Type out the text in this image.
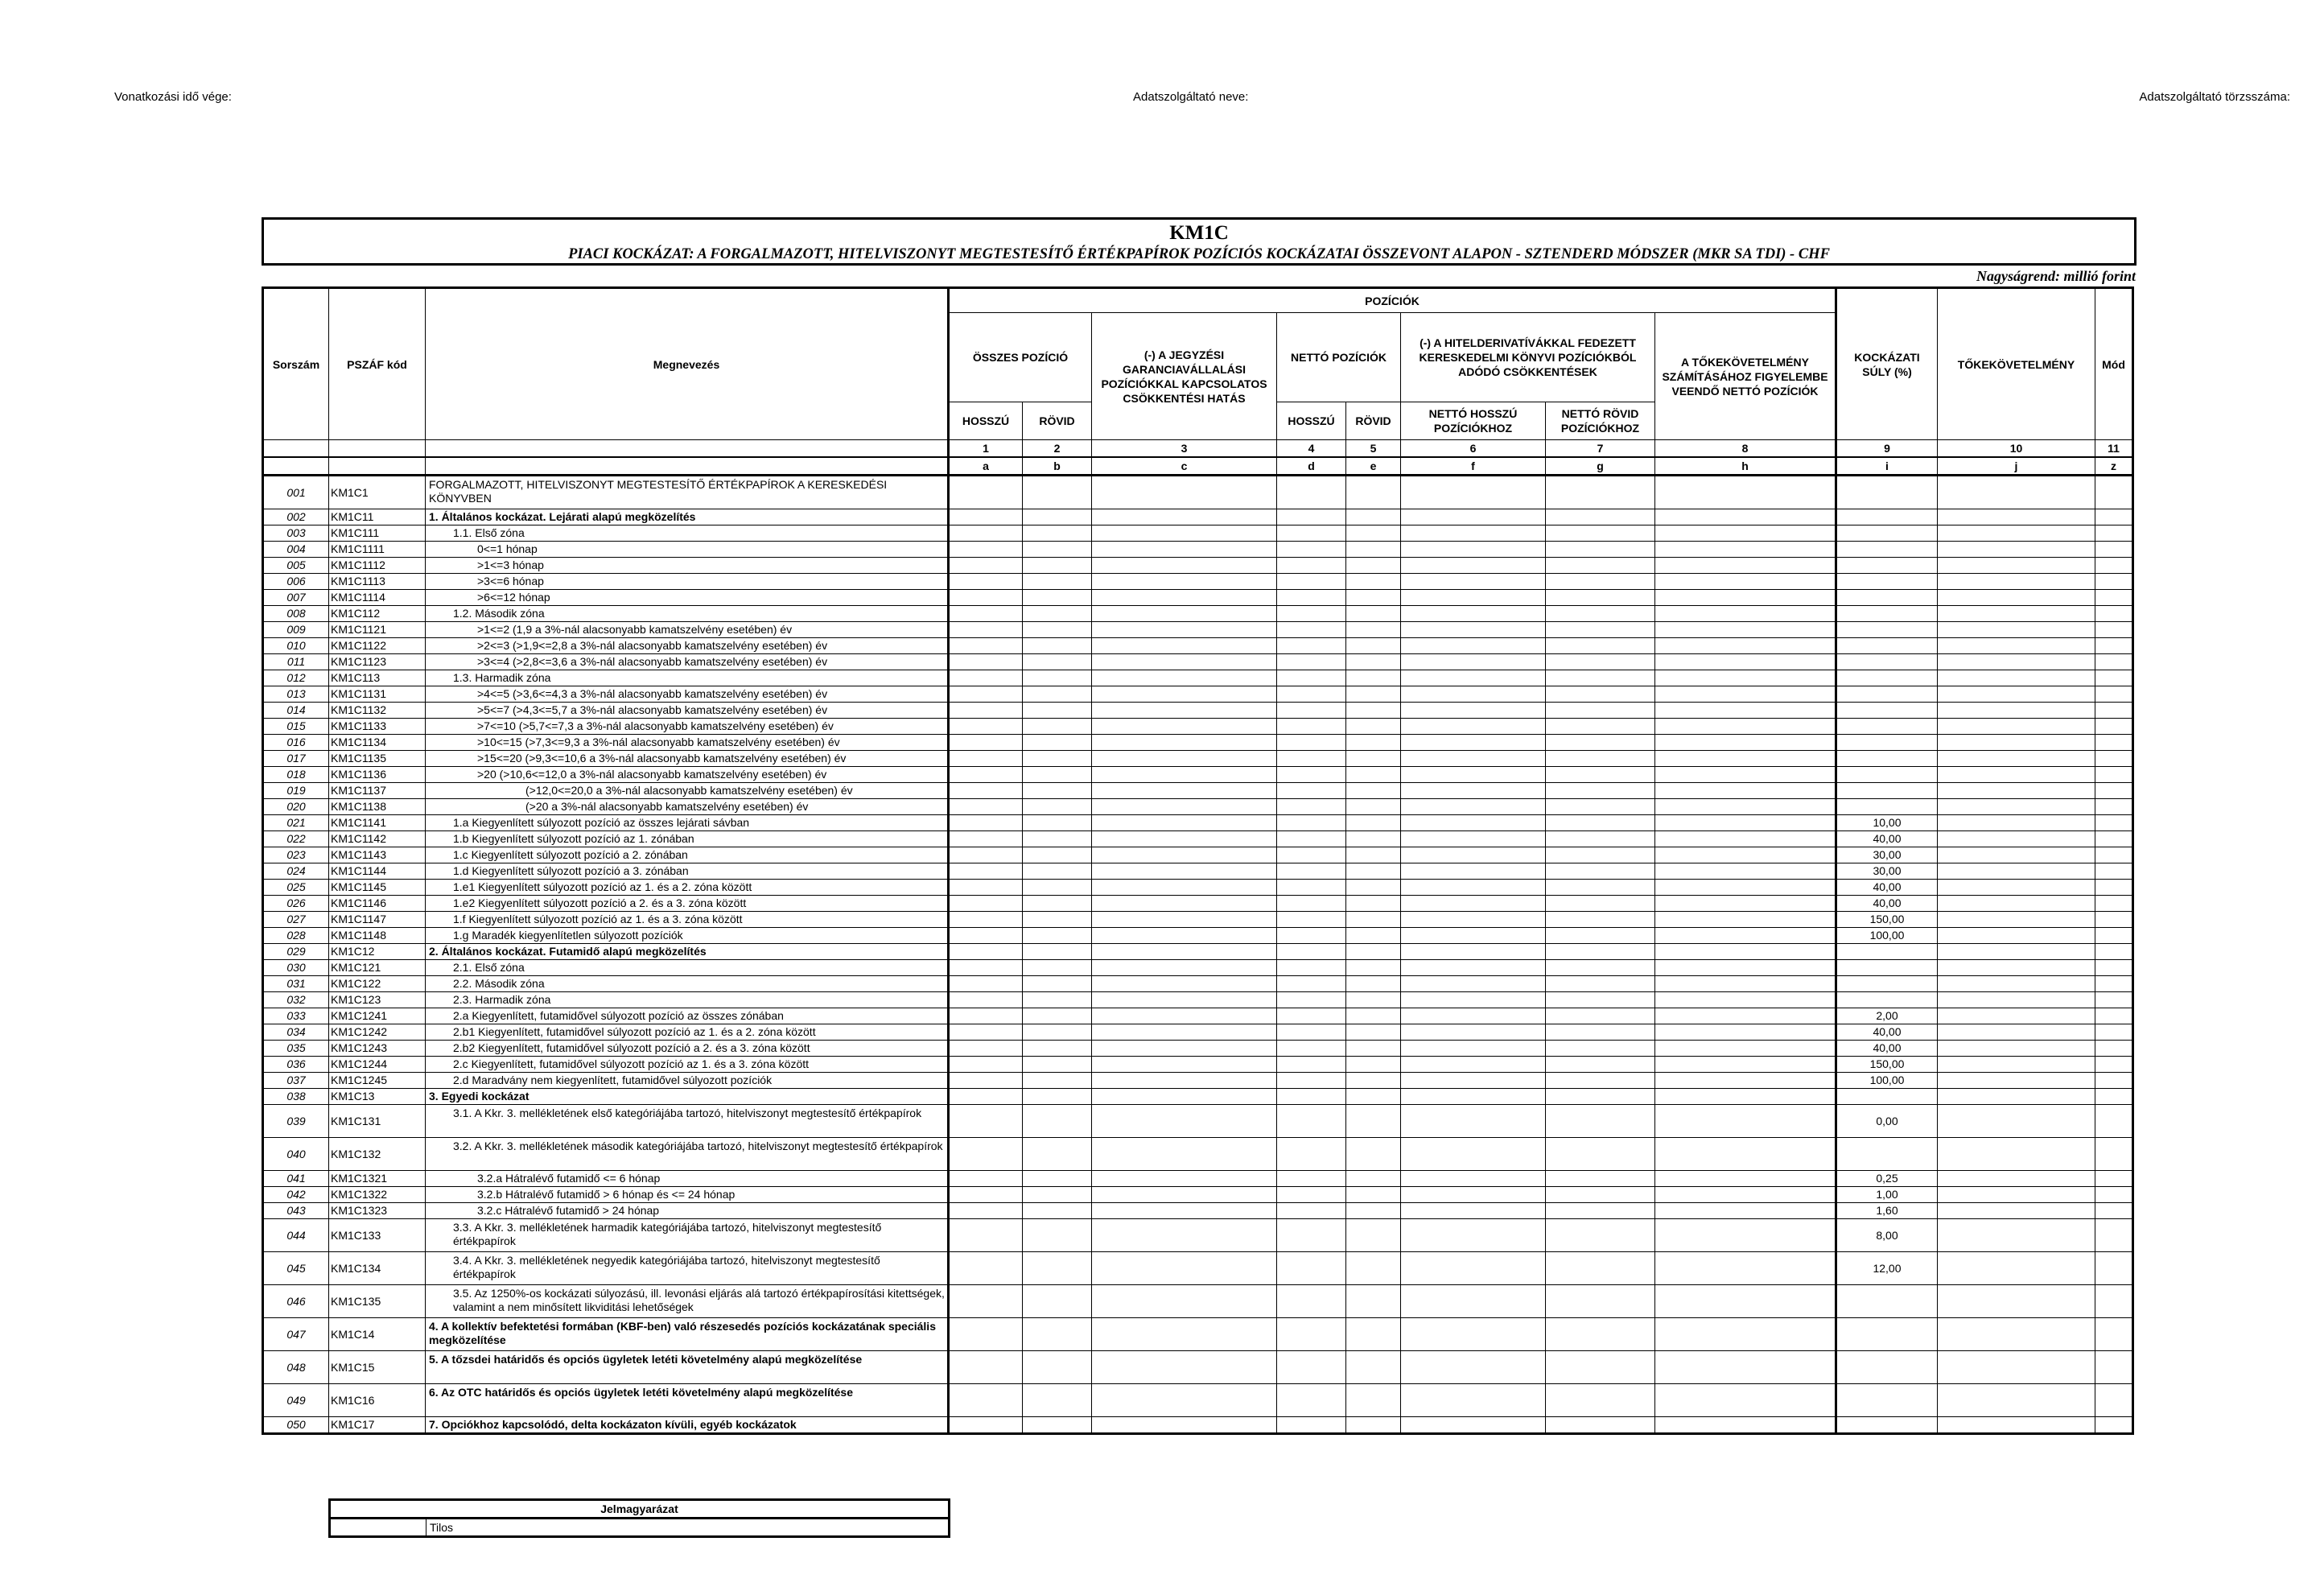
Vonatkozási idő vége:	Adatszolgáltató neve:	Adatszolgáltató törzsszáma:
KM1C
PIACI KOCKÁZAT: A FORGALMAZOTT, HITELVISZONYT MEGTESTESÍTŐ ÉRTÉKPAPÍROK POZÍCIÓS KOCKÁZATAI ÖSSZEVONT ALAPON - SZTENDERD MÓDSZER (MKR SA TDI) - CHF
Nagyságrend: millió forint
Sorszám	PSZÁF kód	Megnevezés	POZÍCIÓK								KOCKÁZATI SÚLY (%)	TŐKEKÖVETELMÉNY	Mód
			ÖSSZES POZÍCIÓ		(-) A JEGYZÉSI GARANCIAVÁLLALÁSI POZÍCIÓKKAL KAPCSOLATOS CSÖKKENTÉSI HATÁS	NETTÓ POZÍCIÓK		(-) A HITELDERIVATÍVÁKKAL FEDEZETT KERESKEDELMI KÖNYVI POZÍCIÓKBÓL ADÓDÓ CSÖKKENTÉSEK		A TŐKEKÖVETELMÉNY SZÁMÍTÁSÁHOZ FIGYELEMBE VEENDŐ NETTÓ POZÍCIÓK			
			HOSSZÚ	RÖVID		HOSSZÚ	RÖVID	NETTÓ HOSSZÚ POZÍCIÓKHOZ	NETTÓ RÖVID POZÍCIÓKHOZ				
			1	2	3	4	5	6	7	8	9	10	11
			a	b	c	d	e	f	g	h	i	j	z
001	KM1C1	FORGALMAZOTT, HITELVISZONYT MEGTESTESÍTŐ ÉRTÉKPAPÍROK A KERESKEDÉSI KÖNYVBEN											
002	KM1C11	1. Általános kockázat. Lejárati alapú megközelítés											
003	KM1C111	1.1. Első zóna											
004	KM1C1111	0<=1 hónap											
005	KM1C1112	>1<=3 hónap											
006	KM1C1113	>3<=6 hónap											
007	KM1C1114	>6<=12 hónap											
008	KM1C112	1.2. Második zóna											
009	KM1C1121	>1<=2 (1,9 a 3%-nál alacsonyabb kamatszelvény esetében) év											
010	KM1C1122	>2<=3 (>1,9<=2,8 a 3%-nál alacsonyabb kamatszelvény esetében) év											
011	KM1C1123	>3<=4 (>2,8<=3,6 a 3%-nál alacsonyabb kamatszelvény esetében) év											
012	KM1C113	1.3. Harmadik zóna											
013	KM1C1131	>4<=5 (>3,6<=4,3 a 3%-nál alacsonyabb kamatszelvény esetében) év											
014	KM1C1132	>5<=7 (>4,3<=5,7 a 3%-nál alacsonyabb kamatszelvény esetében) év											
015	KM1C1133	>7<=10 (>5,7<=7,3 a 3%-nál alacsonyabb kamatszelvény esetében) év											
016	KM1C1134	>10<=15 (>7,3<=9,3 a 3%-nál alacsonyabb kamatszelvény esetében) év											
017	KM1C1135	>15<=20 (>9,3<=10,6 a 3%-nál alacsonyabb kamatszelvény esetében) év											
018	KM1C1136	>20 (>10,6<=12,0 a 3%-nál alacsonyabb kamatszelvény esetében) év											
019	KM1C1137	(>12,0<=20,0 a 3%-nál alacsonyabb kamatszelvény esetében) év											
020	KM1C1138	(>20 a 3%-nál alacsonyabb kamatszelvény esetében) év											
021	KM1C1141	1.a Kiegyenlített súlyozott pozíció az összes lejárati sávban									10,00		
022	KM1C1142	1.b Kiegyenlített súlyozott pozíció az 1. zónában									40,00		
023	KM1C1143	1.c Kiegyenlített súlyozott pozíció a 2. zónában									30,00		
024	KM1C1144	1.d Kiegyenlített súlyozott pozíció a 3. zónában									30,00		
025	KM1C1145	1.e1 Kiegyenlített súlyozott pozíció az 1. és a 2. zóna között									40,00		
026	KM1C1146	1.e2 Kiegyenlített súlyozott pozíció a 2. és a 3. zóna között									40,00		
027	KM1C1147	1.f Kiegyenlített súlyozott pozíció az 1. és a 3. zóna között									150,00		
028	KM1C1148	1.g Maradék kiegyenlítetlen súlyozott pozíciók									100,00		
029	KM1C12	2. Általános kockázat. Futamidő alapú megközelítés											
030	KM1C121	2.1. Első zóna											
031	KM1C122	2.2. Második zóna											
032	KM1C123	2.3. Harmadik zóna											
033	KM1C1241	2.a Kiegyenlített, futamidővel súlyozott pozíció az összes zónában									2,00		
034	KM1C1242	2.b1 Kiegyenlített, futamidővel súlyozott pozíció az 1. és a 2. zóna között									40,00		
035	KM1C1243	2.b2 Kiegyenlített, futamidővel súlyozott pozíció a 2. és a 3. zóna között									40,00		
036	KM1C1244	2.c Kiegyenlített, futamidővel súlyozott pozíció az 1. és a 3. zóna között									150,00		
037	KM1C1245	2.d Maradvány nem kiegyenlített, futamidővel súlyozott pozíciók									100,00		
038	KM1C13	3. Egyedi kockázat											
039	KM1C131	3.1. A Kkr. 3. mellékletének első kategóriájába tartozó, hitelviszonyt megtestesítő értékpapírok									0,00		
040	KM1C132	3.2. A Kkr. 3. mellékletének második kategóriájába tartozó, hitelviszonyt megtestesítő értékpapírok											
041	KM1C1321	3.2.a Hátralévő futamidő <= 6 hónap									0,25		
042	KM1C1322	3.2.b Hátralévő futamidő > 6 hónap és <= 24 hónap									1,00		
043	KM1C1323	3.2.c Hátralévő futamidő > 24 hónap									1,60		
044	KM1C133	3.3. A Kkr. 3. mellékletének harmadik kategóriájába tartozó, hitelviszonyt megtestesítő értékpapírok									8,00		
045	KM1C134	3.4. A Kkr. 3. mellékletének negyedik kategóriájába tartozó, hitelviszonyt megtestesítő értékpapírok									12,00		
046	KM1C135	3.5. Az 1250%-os kockázati súlyozású, ill. levonási eljárás alá tartozó értékpapírosítási kitettségek, valamint a nem minősített likviditási lehetőségek											
047	KM1C14	4. A kollektív befektetési formában (KBF-ben) való részesedés pozíciós kockázatának speciális megközelítése											
048	KM1C15	5. A tőzsdei határidős és opciós ügyletek letéti követelmény alapú megközelítése											
049	KM1C16	6. Az OTC határidős és opciós ügyletek letéti követelmény alapú megközelítése											
050	KM1C17	7. Opciókhoz kapcsolódó, delta kockázaton kívüli, egyéb kockázatok											
Jelmagyarázat
	Tilos
